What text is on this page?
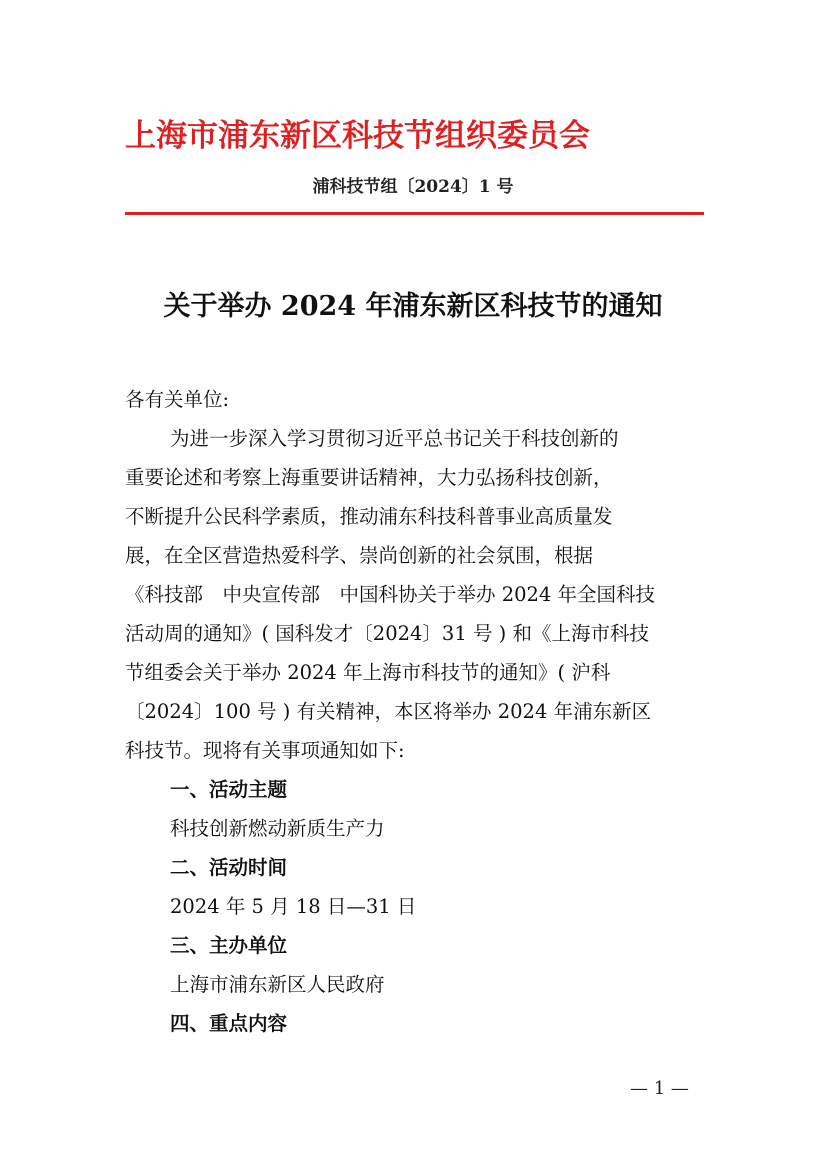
上海市浦东新区科技节组织委员会
浦科技节组〔2024〕1 号
关于举办 2024 年浦东新区科技节的通知
各有关单位:
为进一步深入学习贯彻习近平总书记关于科技创新的
重要论述和考察上海重要讲话精神，大力弘扬科技创新，
不断提升公民科学素质，推动浦东科技科普事业高质量发
展，在全区营造热爱科学、崇尚创新的社会氛围，根据
《科技部　中央宣传部　中国科协关于举办 2024 年全国科技
活动周的通知》( 国科发才〔2024〕31 号 ) 和《上海市科技
节组委会关于举办 2024 年上海市科技节的通知》( 沪科
〔2024〕100 号 ) 有关精神，本区将举办 2024 年浦东新区
科技节。现将有关事项通知如下:
一、活动主题
科技创新燃动新质生产力
二、活动时间
2024 年 5 月 18 日—31 日
三、主办单位
上海市浦东新区人民政府
四、重点内容
— 1 —
